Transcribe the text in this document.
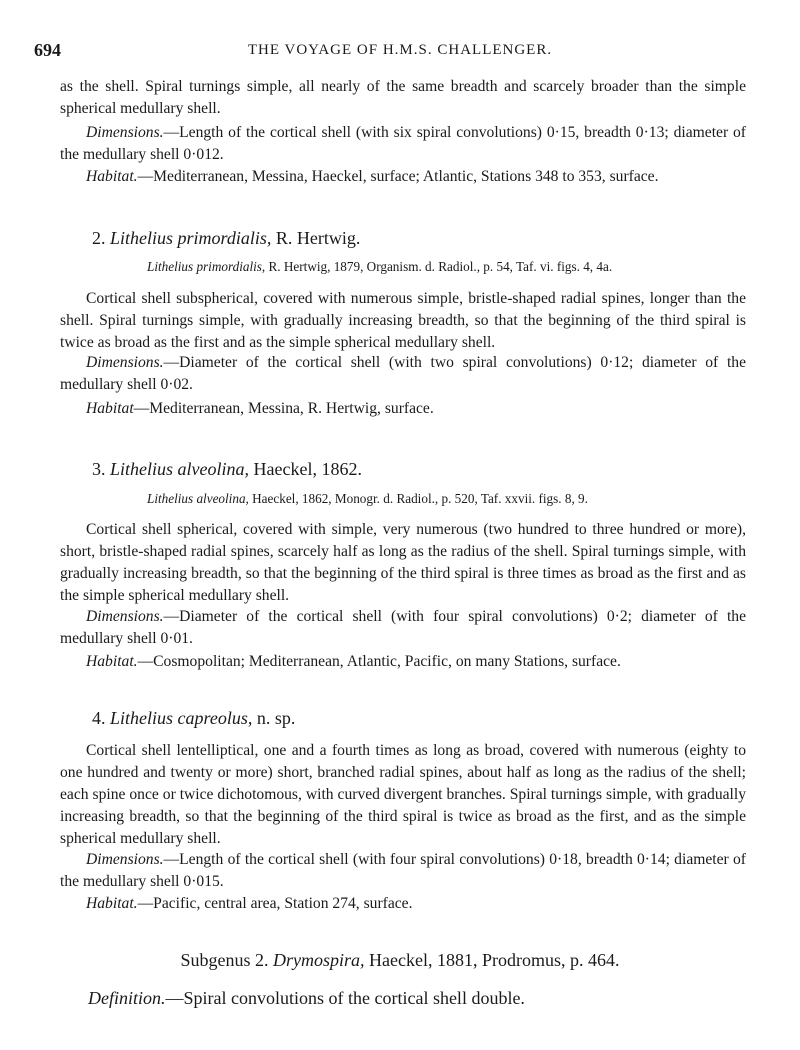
694	THE VOYAGE OF H.M.S. CHALLENGER.

as the shell. Spiral turnings simple, all nearly of the same breadth and scarcely broader than the simple spherical medullary shell.

Dimensions.—Length of the cortical shell (with six spiral convolutions) 0·15, breadth 0·13; diameter of the medullary shell 0·012.

Habitat.—Mediterranean, Messina, Haeckel, surface; Atlantic, Stations 348 to 353, surface.

2. Lithelius primordialis, R. Hertwig.

Lithelius primordialis, R. Hertwig, 1879, Organism. d. Radiol., p. 54, Taf. vi. figs. 4, 4a.

Cortical shell subspherical, covered with numerous simple, bristle-shaped radial spines, longer than the shell. Spiral turnings simple, with gradually increasing breadth, so that the beginning of the third spiral is twice as broad as the first and as the simple spherical medullary shell.

Dimensions.—Diameter of the cortical shell (with two spiral convolutions) 0·12; diameter of the medullary shell 0·02.

Habitat—Mediterranean, Messina, R. Hertwig, surface.

3. Lithelius alveolina, Haeckel, 1862.

Lithelius alveolina, Haeckel, 1862, Monogr. d. Radiol., p. 520, Taf. xxvii. figs. 8, 9.

Cortical shell spherical, covered with simple, very numerous (two hundred to three hundred or more), short, bristle-shaped radial spines, scarcely half as long as the radius of the shell. Spiral turnings simple, with gradually increasing breadth, so that the beginning of the third spiral is three times as broad as the first and as the simple spherical medullary shell.

Dimensions.—Diameter of the cortical shell (with four spiral convolutions) 0·2; diameter of the medullary shell 0·01.

Habitat.—Cosmopolitan; Mediterranean, Atlantic, Pacific, on many Stations, surface.

4. Lithelius capreolus, n. sp.

Cortical shell lentelliptical, one and a fourth times as long as broad, covered with numerous (eighty to one hundred and twenty or more) short, branched radial spines, about half as long as the radius of the shell; each spine once or twice dichotomous, with curved divergent branches. Spiral turnings simple, with gradually increasing breadth, so that the beginning of the third spiral is twice as broad as the first, and as the simple spherical medullary shell.

Dimensions.—Length of the cortical shell (with four spiral convolutions) 0·18, breadth 0·14; diameter of the medullary shell 0·015.

Habitat.—Pacific, central area, Station 274, surface.

Subgenus 2. Drymospira, Haeckel, 1881, Prodromus, p. 464.

Definition.—Spiral convolutions of the cortical shell double.
